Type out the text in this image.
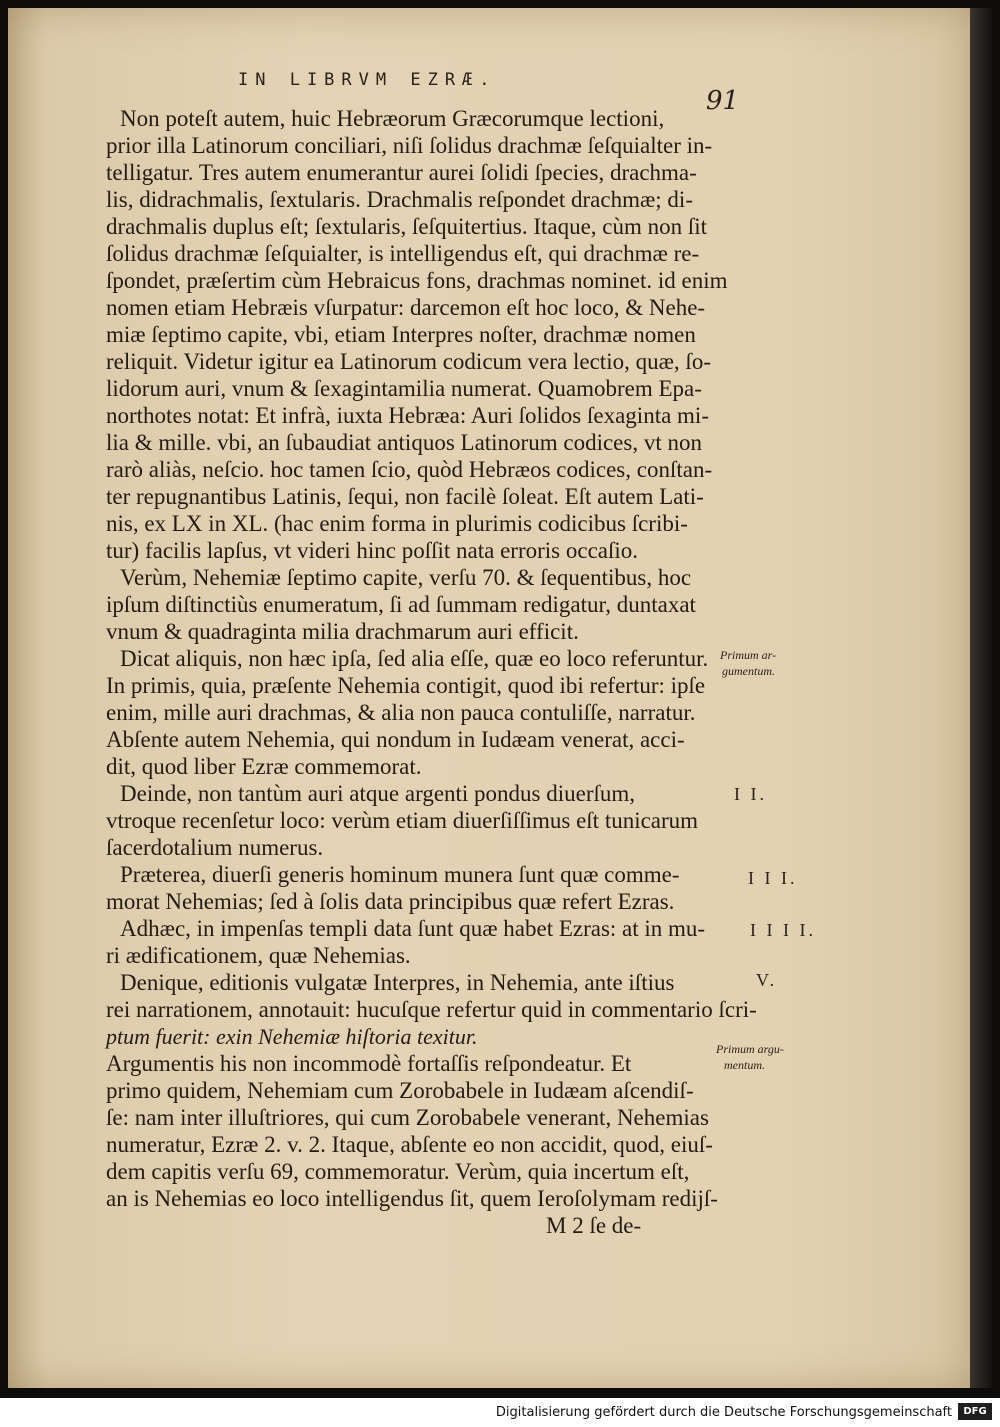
IN LIBRVM EZRÆ.
91
Non poteſt autem, huic Hebræorum Græcorumque lectioni,
prior illa Latinorum conciliari, niſi ſolidus drachmæ ſeſquialter in-
telligatur. Tres autem enumerantur aurei ſolidi ſpecies, drachma-
lis, didrachmalis, ſextularis. Drachmalis reſpondet drachmæ; di-
drachmalis duplus eſt; ſextularis, ſeſquitertius. Itaque, cùm non ſit
ſolidus drachmæ ſeſquialter, is intelligendus eſt, qui drachmæ re-
ſpondet, præſertim cùm Hebraicus fons, drachmas nominet. id enim
nomen etiam Hebræis vſurpatur: darcemon eſt hoc loco, & Nehe-
miæ ſeptimo capite, vbi, etiam Interpres noſter, drachmæ nomen
reliquit. Videtur igitur ea Latinorum codicum vera lectio, quæ, ſo-
lidorum auri, vnum & ſexagintamilia numerat. Quamobrem Epa-
northotes notat: Et infrà, iuxta Hebræa: Auri ſolidos ſexaginta mi-
lia & mille. vbi, an ſubaudiat antiquos Latinorum codices, vt non
rarò aliàs, neſcio. hoc tamen ſcio, quòd Hebræos codices, conſtan-
ter repugnantibus Latinis, ſequi, non facilè ſoleat. Eſt autem Lati-
nis, ex LX in XL. (hac enim forma in plurimis codicibus ſcribi-
tur) facilis lapſus, vt videri hinc poſſit nata erroris occaſio.
Verùm, Nehemiæ ſeptimo capite, verſu 70. & ſequentibus, hoc
ipſum diſtinctiùs enumeratum, ſi ad ſummam redigatur, duntaxat
vnum & quadraginta milia drachmarum auri efficit.
Dicat aliquis, non hæc ipſa, ſed alia eſſe, quæ eo loco referuntur.
In primis, quia, præſente Nehemia contigit, quod ibi refertur: ipſe
enim, mille auri drachmas, & alia non pauca contuliſſe, narratur.
Abſente autem Nehemia, qui nondum in Iudæam venerat, acci-
dit, quod liber Ezræ commemorat.
Deinde, non tantùm auri atque argenti pondus diuerſum,
vtroque recenſetur loco: verùm etiam diuerſiſſimus eſt tunicarum
ſacerdotalium numerus.
Præterea, diuerſi generis hominum munera ſunt quæ comme-
morat Nehemias; ſed à ſolis data principibus quæ refert Ezras.
Adhæc, in impenſas templi data ſunt quæ habet Ezras: at in mu-
ri ædificationem, quæ Nehemias.
Denique, editionis vulgatæ Interpres, in Nehemia, ante iſtius
rei narrationem, annotauit: hucuſque refertur quid in commentario ſcri-
ptum fuerit: exin Nehemiæ hiſtoria texitur.
Argumentis his non incommodè fortaſſis reſpondeatur. Et
primo quidem, Nehemiam cum Zorobabele in Iudæam aſcendiſ-
ſe: nam inter illuſtriores, qui cum Zorobabele venerant, Nehemias
numeratur, Ezræ 2. v. 2. Itaque, abſente eo non accidit, quod, eiuſ-
dem capitis verſu 69, commemoratur. Verùm, quia incertum eſt,
an is Nehemias eo loco intelligendus ſit, quem Ieroſolymam redijſ-
M 2 ſe de-
Primum ar-
gumentum.
I I.
I I I.
I I I I.
V.
Primum argu-
mentum.
Digitalisierung gefördert durch die Deutsche Forschungsgemeinschaft	DFG
